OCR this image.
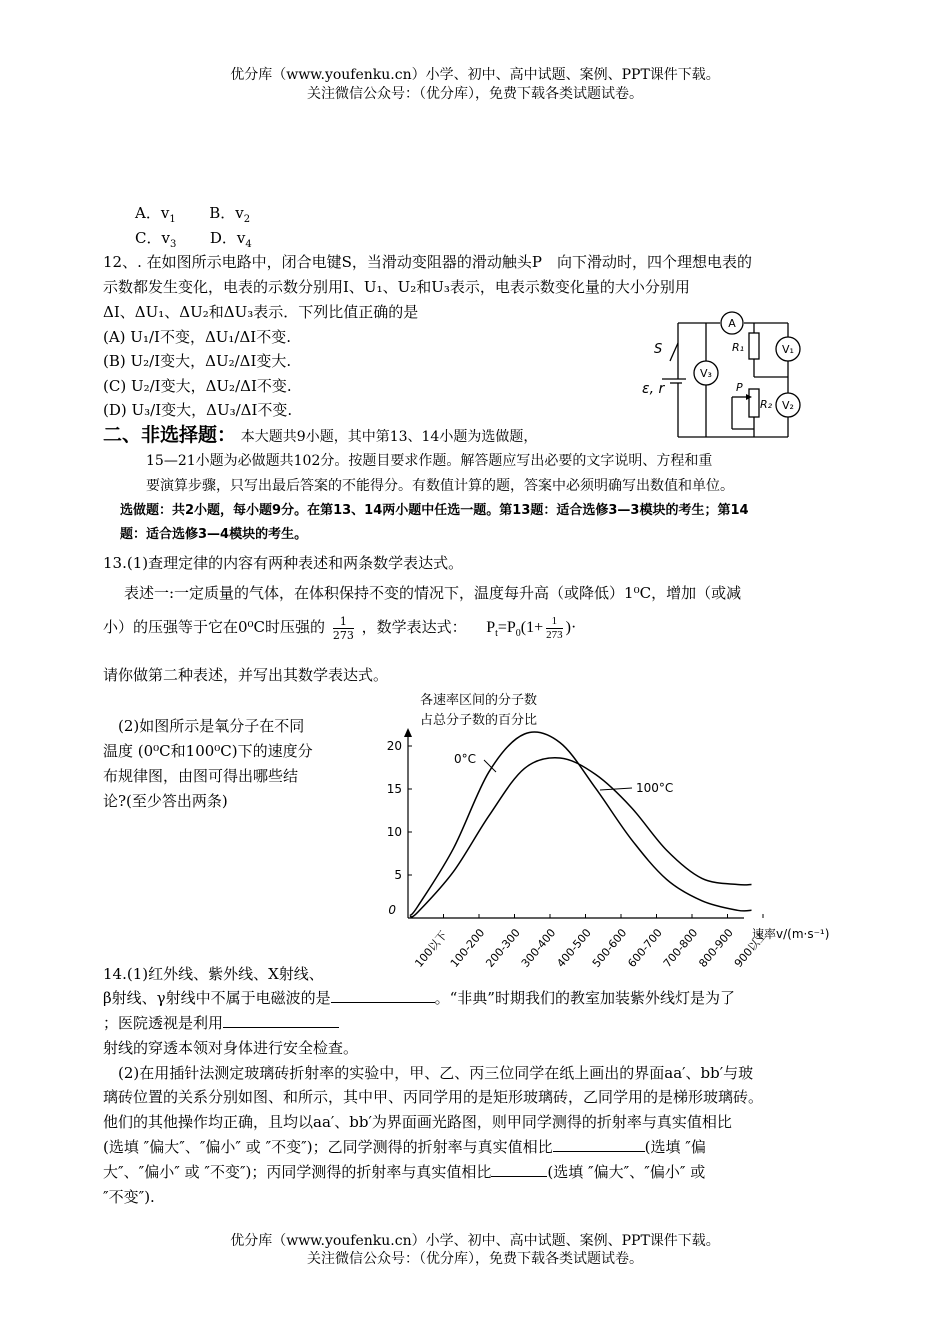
优分库（www.youfenku.cn）小学、初中、高中试题、案例、PPT课件下载。
关注微信公众号：（优分库），免费下载各类试题试卷。
A．$v_1$ B．$v_2$
C．$v_3$ D．$v_4$
12、. 在如图所示电路中，闭合电键S，当滑动变阻器的滑动触头P　向下滑动时，四个理想电表的
示数都发生变化，电表的示数分别用I、U₁、U₂和U₃表示，电表示数变化量的大小分别用
ΔI、ΔU₁、ΔU₂和ΔU₃表示．下列比值正确的是
(A) U₁/I不变，ΔU₁/ΔI不变.
(B) U₂/I变大，ΔU₂/ΔI变大.
(C) U₂/I变大，ΔU₂/ΔI不变.
(D) U₃/I变大，ΔU₃/ΔI不变.
A
V₁
V₃
V₂
S
ε, r
R₁
P
R₂
二、非选择题： 本大题共9小题，其中第13、14小题为选做题，
15—21小题为必做题共102分。按题目要求作题。解答题应写出必要的文字说明、方程和重
要演算步骤，只写出最后答案的不能得分。有数值计算的题，答案中必须明确写出数值和单位。
选做题：共2小题，每小题9分。在第13、14两小题中任选一题。第13题：适合选修3—3模块的考生；第14
题：适合选修3—4模块的考生。
13.(1)查理定律的内容有两种表述和两条数学表达式。
表述一:一定质量的气体，在体积保持不变的情况下，温度每升高（或降低）1⁰C，增加（或减
小）的压强等于它在0⁰C时压强的 $\frac{1}{273}$ ，数学表达式： $P_t=P_0(1+ \frac{1}{273}$ )·
请你做第二种表述，并写出其数学表达式。
(2)如图所示是氧分子在不同
温度 (0⁰C和100⁰C)下的速度分
布规律图，由图可得出哪些结
论?(至少答出两条)
各速率区间的分子数
占总分子数的百分比
速率v/(m·s⁻¹)
0
5
10
15
20
100以下
100-200
200-300
300-400
400-500
500-600
600-700
700-800
800-900
900以上
0°C
100°C
14.(1)红外线、紫外线、X射线、
β射线、γ射线中不属于电磁波的是	。“非典”时期我们的教室加装紫外线灯是为了
；医院透视是利用
射线的穿透本领对身体进行安全检查。
(2)在用插针法测定玻璃砖折射率的实验中，甲、乙、丙三位同学在纸上画出的界面aa′、bb′与玻
璃砖位置的关系分别如图、和所示，其中甲、丙同学用的是矩形玻璃砖，乙同学用的是梯形玻璃砖。
他们的其他操作均正确，且均以aa′、bb′为界面画光路图，则甲同学测得的折射率与真实值相比
(选填 ″偏大″、″偏小″ 或 ″不变″)；乙同学测得的折射率与真实值相比	(选填 ″偏
大″、″偏小″ 或 ″不变″)；丙同学测得的折射率与真实值相比	(选填 ″偏大″、″偏小″ 或
″不变″).
优分库（www.youfenku.cn）小学、初中、高中试题、案例、PPT课件下载。
关注微信公众号：（优分库），免费下载各类试题试卷。
